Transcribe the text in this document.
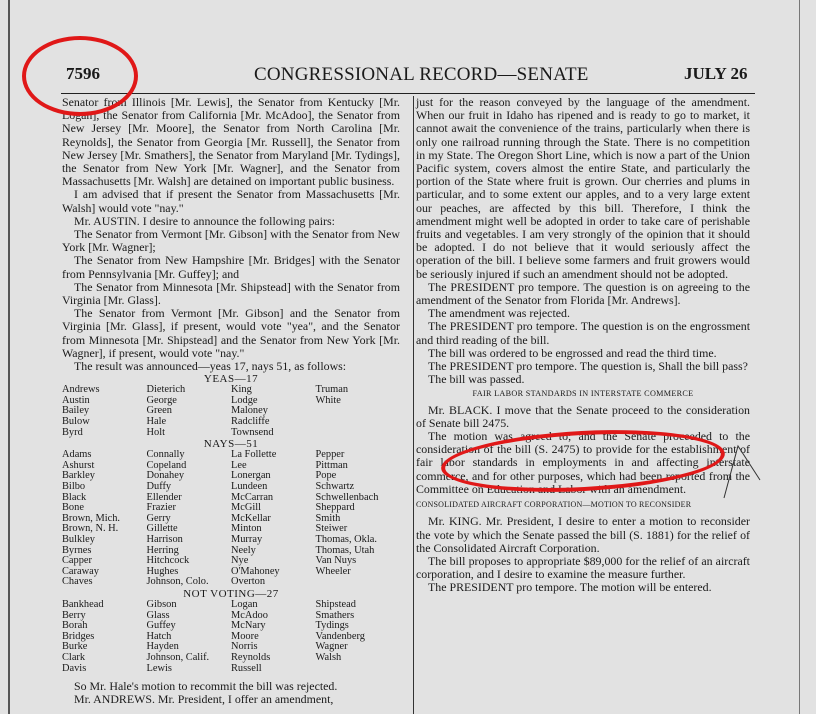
7596	CONGRESSIONAL RECORD—SENATE	JULY 26

Senator from Illinois [Mr. Lewis], the Senator from Kentucky [Mr. Logan], the Senator from California [Mr. McAdoo], the Senator from New Jersey [Mr. Moore], the Senator from North Carolina [Mr. Reynolds], the Senator from Georgia [Mr. Russell], the Senator from New Jersey [Mr. Smathers], the Senator from Maryland [Mr. Tydings], the Senator from New York [Mr. Wagner], and the Senator from Massachusetts [Mr. Walsh] are detained on important public business.

I am advised that if present the Senator from Massachusetts [Mr. Walsh] would vote "nay."

Mr. AUSTIN. I desire to announce the following pairs:

The Senator from Vermont [Mr. Gibson] with the Senator from New York [Mr. Wagner];

The Senator from New Hampshire [Mr. Bridges] with the Senator from Pennsylvania [Mr. Guffey]; and

The Senator from Minnesota [Mr. Shipstead] with the Senator from Virginia [Mr. Glass].

The Senator from Vermont [Mr. Gibson] and the Senator from Virginia [Mr. Glass], if present, would vote "yea", and the Senator from Minnesota [Mr. Shipstead] and the Senator from New York [Mr. Wagner], if present, would vote "nay."

The result was announced—yeas 17, nays 51, as follows:

YEAS—17
Andrews	Dieterich	King	Truman
Austin	George	Lodge	White
Bailey	Green	Maloney	
Bulow	Hale	Radcliffe	
Byrd	Holt	Townsend	
NAYS—51
Adams	Connally	La Follette	Pepper
Ashurst	Copeland	Lee	Pittman
Barkley	Donahey	Lonergan	Pope
Bilbo	Duffy	Lundeen	Schwartz
Black	Ellender	McCarran	Schwellenbach
Bone	Frazier	McGill	Sheppard
Brown, Mich.	Gerry	McKellar	Smith
Brown, N. H.	Gillette	Minton	Steiwer
Bulkley	Harrison	Murray	Thomas, Okla.
Byrnes	Herring	Neely	Thomas, Utah
Capper	Hitchcock	Nye	Van Nuys
Caraway	Hughes	O'Mahoney	Wheeler
Chaves	Johnson, Colo.	Overton	
NOT VOTING—27
Bankhead	Gibson	Logan	Shipstead
Berry	Glass	McAdoo	Smathers
Borah	Guffey	McNary	Tydings
Bridges	Hatch	Moore	Vandenberg
Burke	Hayden	Norris	Wagner
Clark	Johnson, Calif.	Reynolds	Walsh
Davis	Lewis	Russell	

So Mr. Hale's motion to recommit the bill was rejected.

Mr. ANDREWS. Mr. President, I offer an amendment,

just for the reason conveyed by the language of the amendment. When our fruit in Idaho has ripened and is ready to go to market, it cannot await the convenience of the trains, particularly when there is only one railroad running through the State. There is no competition in my State. The Oregon Short Line, which is now a part of the Union Pacific system, covers almost the entire State, and particularly the portion of the State where fruit is grown. Our cherries and plums in particular, and to some extent our apples, and to a very large extent our peaches, are affected by this bill. Therefore, I think the amendment might well be adopted in order to take care of perishable fruits and vegetables. I am very strongly of the opinion that it should be adopted. I do not believe that it would seriously affect the operation of the bill. I believe some farmers and fruit growers would be seriously injured if such an amendment should not be adopted.

The PRESIDENT pro tempore. The question is on agreeing to the amendment of the Senator from Florida [Mr. Andrews].

The amendment was rejected.

The PRESIDENT pro tempore. The question is on the engrossment and third reading of the bill.

The bill was ordered to be engrossed and read the third time.

The PRESIDENT pro tempore. The question is, Shall the bill pass?

The bill was passed.

FAIR LABOR STANDARDS IN INTERSTATE COMMERCE

Mr. BLACK. I move that the Senate proceed to the consideration of Senate bill 2475.

The motion was agreed to; and the Senate proceeded to the consideration of the bill (S. 2475) to provide for the establishment of fair labor standards in employments in and affecting interstate commerce, and for other purposes, which had been reported from the Committee on Education and Labor with an amendment.

CONSOLIDATED AIRCRAFT CORPORATION—MOTION TO RECONSIDER

Mr. KING. Mr. President, I desire to enter a motion to reconsider the vote by which the Senate passed the bill (S. 1881) for the relief of the Consolidated Aircraft Corporation.

The bill proposes to appropriate $89,000 for the relief of an aircraft corporation, and I desire to examine the measure further.

The PRESIDENT pro tempore. The motion will be entered.
